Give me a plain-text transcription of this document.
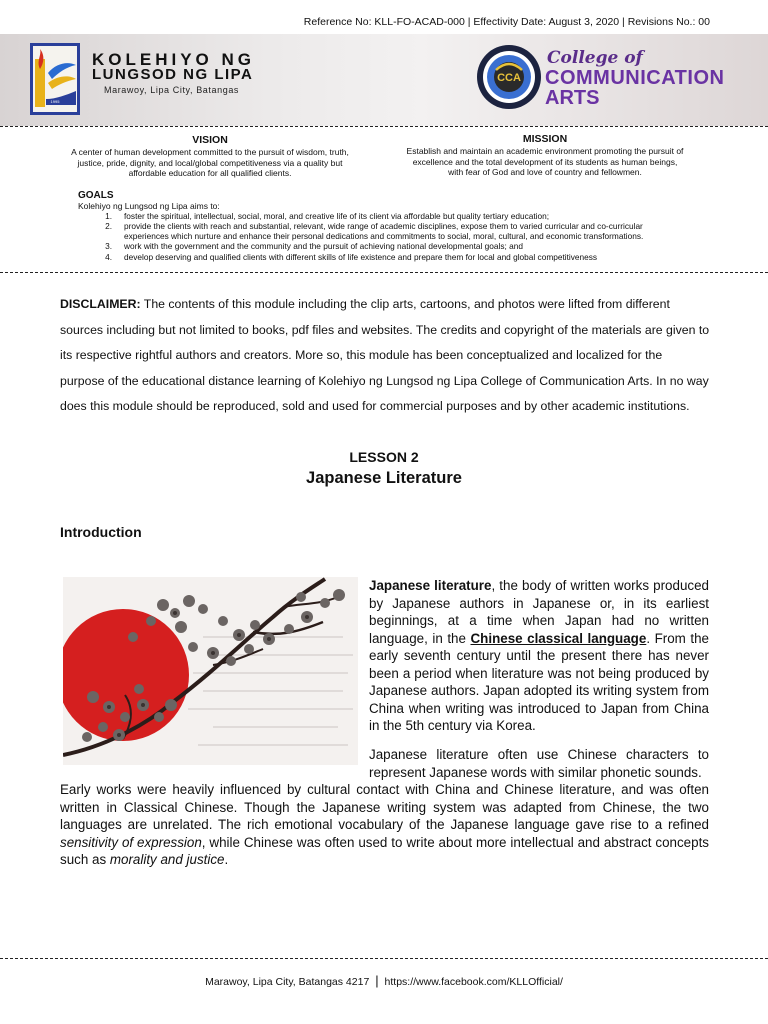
Reference No: KLL-FO-ACAD-000 | Effectivity Date: August 3, 2020 | Revisions No.: 00
1995
KOLEHIYO NG
LUNGSOD NG LIPA
Marawoy, Lipa City, Batangas
CCA
College of
COMMUNICATION
ARTS
VISION
A center of human development committed to the pursuit of wisdom, truth,
justice, pride, dignity, and local/global competitiveness via a quality but
affordable education for all qualified clients.
MISSION
Establish and maintain an academic environment promoting the pursuit of
excellence and the total development of its students as human beings,
with fear of God and love of country and fellowmen.
GOALS
Kolehiyo ng Lungsod ng Lipa aims to:
1. foster the spiritual, intellectual, social, moral, and creative life of its client via affordable but quality tertiary education;
2. provide the clients with reach and substantial, relevant, wide range of academic disciplines, expose them to varied curricular and co-curricular
experiences which nurture and enhance their personal dedications and commitments to social, moral, cultural, and economic transformations.
3. work with the government and the community and the pursuit of achieving national developmental goals; and
4. develop deserving and qualified clients with different skills of life existence and prepare them for local and global competitiveness
DISCLAIMER: The contents of this module including the clip arts, cartoons, and photos were lifted from different sources including but not limited to books, pdf files and websites. The credits and copyright of the materials are given to its respective rightful authors and creators. More so, this module has been conceptualized and localized for the purpose of the educational distance learning of Kolehiyo ng Lungsod ng Lipa College of Communication Arts. In no way does this module should be reproduced, sold and used for commercial purposes and by other academic institutions.
LESSON 2
Japanese Literature
Introduction
Japanese literature, the body of written works produced by Japanese authors in Japanese or, in its earliest beginnings, at a time when Japan had no written language, in the Chinese classical language. From the early seventh century until the present there has never been a period when literature was not being produced by Japanese authors. Japan adopted its writing system from China when writing was introduced to Japan from China in the 5th century via Korea.
Japanese literature often use Chinese characters to represent Japanese words with similar phonetic sounds.
Early works were heavily influenced by cultural contact with China and Chinese literature, and was often written in Classical Chinese. Though the Japanese writing system was adapted from Chinese, the two languages are unrelated. The rich emotional vocabulary of the Japanese language gave rise to a refined sensitivity of expression, while Chinese was often used to write about more intellectual and abstract concepts such as morality and justice.
Marawoy, Lipa City, Batangas 4217 | https://www.facebook.com/KLLOfficial/
